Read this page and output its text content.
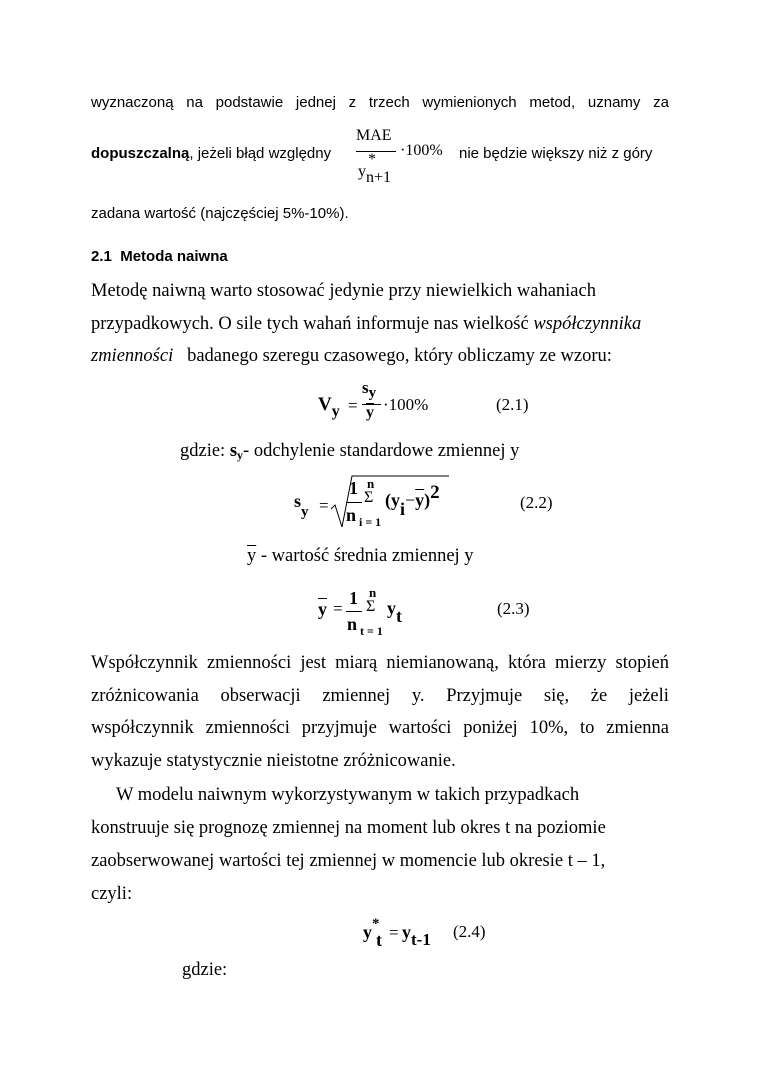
wyznaczoną na podstawie jednej z trzech wymienionych metod, uznamy za
dopuszczalną, jeżeli błąd względny
MAE
*
yn+1
·100% nie będzie większy niż z góry
zadana wartość (najczęściej 5%-10%).
2.1 Metoda naiwna
Metodę naiwną warto stosować jedynie przy niewielkich wahaniach
przypadkowych. O sile tych wahań informuje nas wielkość współczynnika
zmienności badanego szeregu czasowego, który obliczamy ze wzoru:
$V_y$ =
sy
$\overline{y} \cdot 100\%$	(2.1)
gdzie: sy- odchylenie standardowe zmiennej y
$s_y$ =
1
n
n
Σ
i = 1
$(yi-\overline{y})2$	(2.2)
$\overline{y}$ - wartość średnia zmiennej y
$\overline{y}$ =
1
n
n
Σ
t = 1
yt	(2.3)
Współczynnik zmienności jest miarą niemianowaną, która mierzy stopień
zróżnicowania obserwacji zmiennej y. Przyjmuje się, że jeżeli
współczynnik zmienności przyjmuje wartości poniżej 10%, to zmienna
wykazuje statystycznie nieistotne zróżnicowanie.
W modelu naiwnym wykorzystywanym w takich przypadkach
konstruuje się prognozę zmiennej na moment lub okres t na poziomie
zaobserwowanej wartości tej zmiennej w momencie lub okresie t – 1,
czyli:
y*
t = yt-1 (2.4)
gdzie:
